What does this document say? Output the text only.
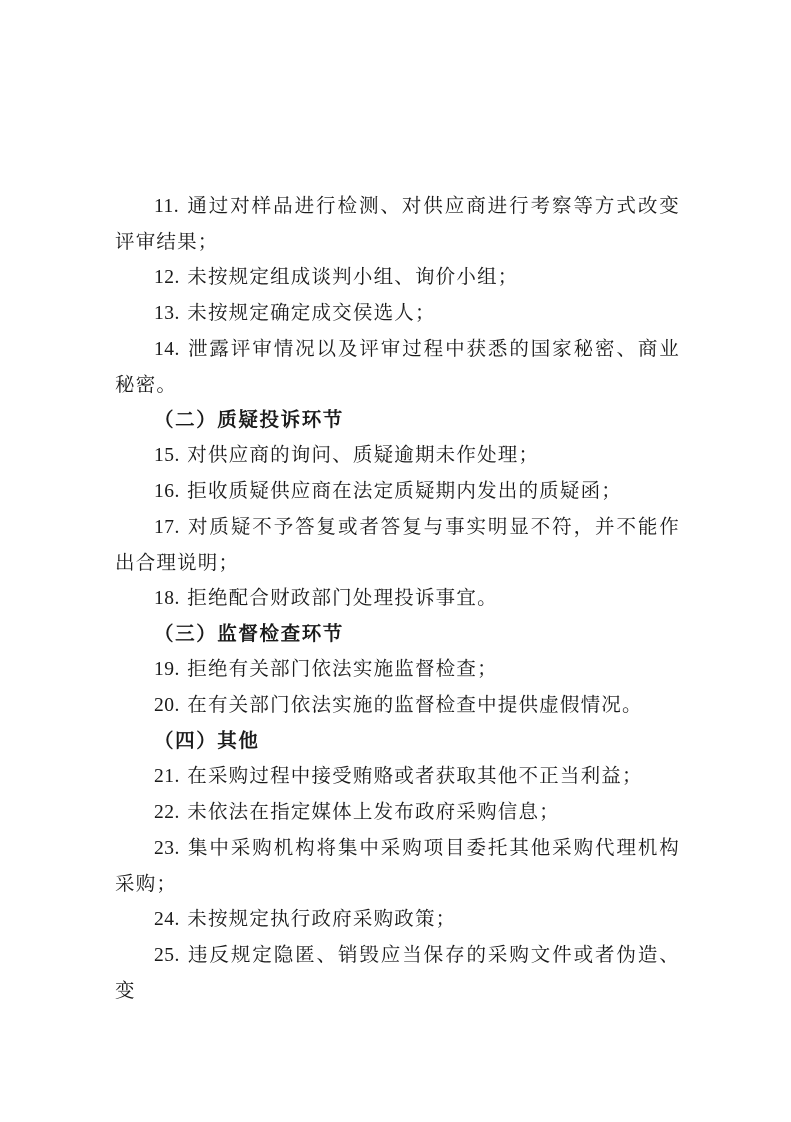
11. 通过对样品进行检测、对供应商进行考察等方式改变评审结果；

12. 未按规定组成谈判小组、询价小组；

13. 未按规定确定成交侯选人；

14. 泄露评审情况以及评审过程中获悉的国家秘密、商业秘密。

（二）质疑投诉环节

15. 对供应商的询问、质疑逾期未作处理；

16. 拒收质疑供应商在法定质疑期内发出的质疑函；

17. 对质疑不予答复或者答复与事实明显不符，并不能作出合理说明；

18. 拒绝配合财政部门处理投诉事宜。

（三）监督检查环节

19. 拒绝有关部门依法实施监督检查；

20. 在有关部门依法实施的监督检查中提供虚假情况。

（四）其他

21. 在采购过程中接受贿赂或者获取其他不正当利益；

22. 未依法在指定媒体上发布政府采购信息；

23. 集中采购机构将集中采购项目委托其他采购代理机构采购；

24. 未按规定执行政府采购政策；

25. 违反规定隐匿、销毁应当保存的采购文件或者伪造、变
